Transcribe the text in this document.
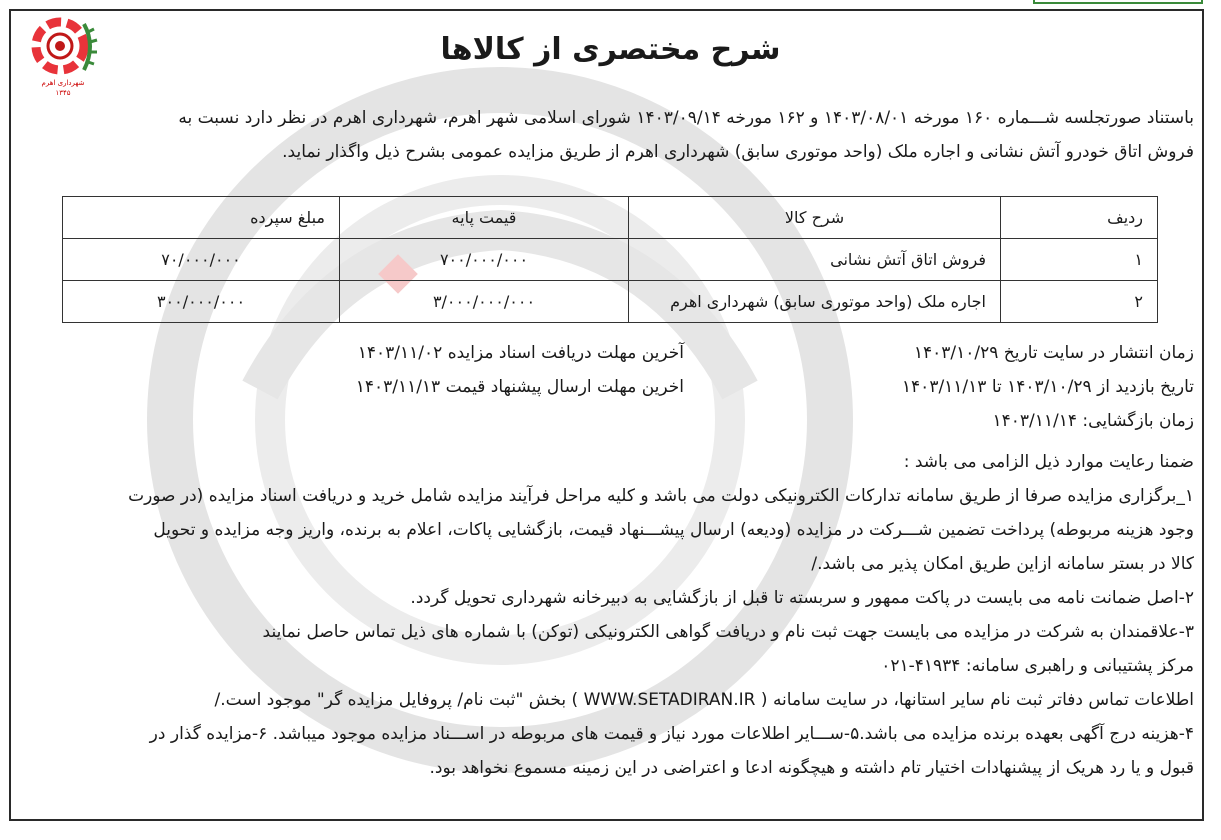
شهرداری اهرم
۱۳۴۵
شرح مختصری از کالاها
باستناد صورتجلسه شـــماره ۱۶۰ مورخه ۱۴۰۳/۰۸/۰۱ و ۱۶۲ مورخه ۱۴۰۳/۰۹/۱۴ شورای اسلامی شهر اهرم، شهرداری اهرم در نظر دارد نسبت به
فروش اتاق خودرو آتش نشانی و اجاره ملک (واحد موتوری سابق) شهرداری اهرم از طریق مزایده عمومی بشرح ذیل واگذار نماید.
ردیف	شرح کالا	قیمت پایه	مبلغ سپرده
۱	فروش اتاق آتش نشانی	۷۰۰/۰۰۰/۰۰۰	۷۰/۰۰۰/۰۰۰
۲	اجاره ملک (واحد موتوری سابق) شهرداری اهرم	۳/۰۰۰/۰۰۰/۰۰۰	۳۰۰/۰۰۰/۰۰۰
زمان انتشار در سایت تاریخ ۱۴۰۳/۱۰/۲۹
آخرین مهلت دریافت اسناد مزایده ۱۴۰۳/۱۱/۰۲
تاریخ بازدید از ۱۴۰۳/۱۰/۲۹ تا ۱۴۰۳/۱۱/۱۳
اخرین مهلت ارسال پیشنهاد قیمت ۱۴۰۳/۱۱/۱۳
زمان بازگشایی: ۱۴۰۳/۱۱/۱۴
ضمنا رعایت موارد ذیل الزامی می باشد :
۱_برگزاری مزایده صرفا از طریق سامانه تدارکات الکترونیکی دولت می باشد و کلیه مراحل فرآیند مزایده شامل خرید و دریافت اسناد مزایده (در صورت
وجود هزینه مربوطه) پرداخت تضمین شـــرکت در مزایده (ودیعه) ارسال پیشـــنهاد قیمت، بازگشایی پاکات، اعلام به برنده، واریز وجه مزایده و تحویل
کالا در بستر سامانه ازاین طریق امکان پذیر می باشد./
۲-اصل ضمانت نامه می بایست در پاکت ممهور و سربسته تا قبل از بازگشایی به دبیرخانه شهرداری تحویل گردد.
۳-علاقمندان به شرکت در مزایده می بایست جهت ثبت نام و دریافت گواهی الکترونیکی (توکن) با شماره های ذیل تماس حاصل نمایند
مرکز پشتیبانی و راهبری سامانه: ۴۱۹۳۴-۰۲۱
اطلاعات تماس دفاتر ثبت نام سایر استانها، در سایت سامانه ( WWW.SETADIRAN.IR ) بخش "ثبت نام/ پروفایل مزایده گر" موجود است./
۴-هزینه درج آگهی بعهده برنده مزایده می باشد.۵-ســـایر اطلاعات مورد نیاز و قیمت های مربوطه در اســـناد مزایده موجود میباشد. ۶-مزایده گذار در
قبول و یا رد هریک از پیشنهادات اختیار تام داشته و هیچگونه ادعا و اعتراضی در این زمینه مسموع نخواهد بود.
